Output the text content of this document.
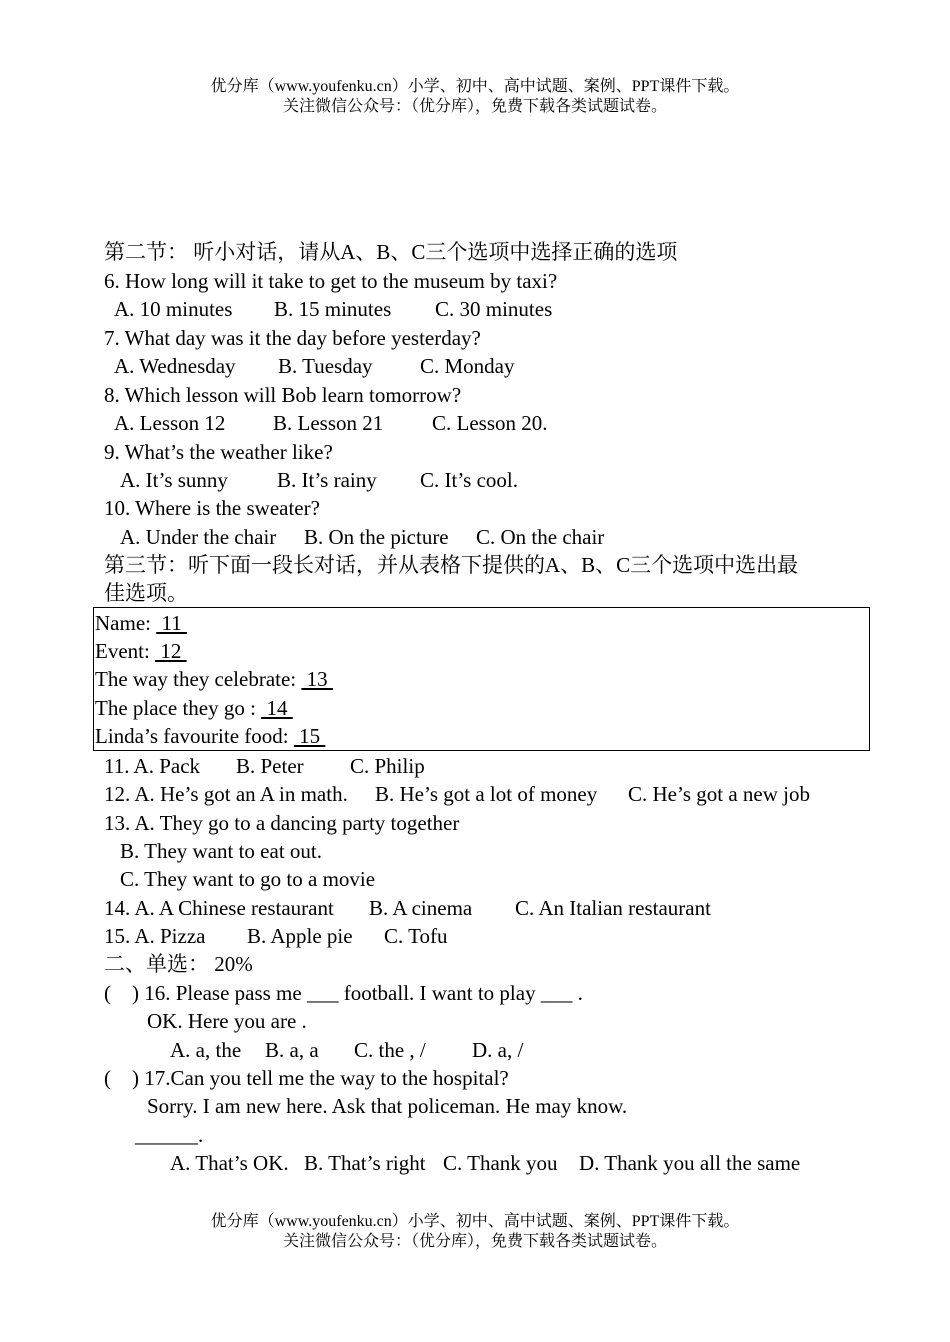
优分库（www.youfenku.cn）小学、初中、高中试题、案例、PPT课件下载。
关注微信公众号：（优分库），免费下载各类试题试卷。
第二节： 听小对话，请从A、B、C三个选项中选择正确的选项
6. How long will it take to get to the museum by taxi?
A. 10 minutes B. 15 minutes C. 30 minutes
7. What day was it the day before yesterday?
A. Wednesday B. Tuesday C. Monday
8. Which lesson will Bob learn tomorrow?
A. Lesson 12 B. Lesson 21 C. Lesson 20.
9. What’s the weather like?
A. It’s sunny B. It’s rainy C. It’s cool.
10. Where is the sweater?
A. Under the chair B. On the picture C. On the chair
第三节：听下面一段长对话，并从表格下提供的A、B、C三个选项中选出最
佳选项。
Name:  11
Event:  12
The way they celebrate:  13
The place they go :  14
Linda’s favourite food:  15
11. A. Pack B. Peter C. Philip
12. A. He’s got an A in math. B. He’s got a lot of money C. He’s got a new job
13. A. They go to a dancing party together
B. They want to eat out.
C. They want to go to a movie
14. A. A Chinese restaurant B. A cinema C. An Italian restaurant
15. A. Pizza B. Apple pie C. Tofu
二、单选： 20%
(    ) 16. Please pass me ___ football. I want to play ___ .
OK. Here you are .
A. a, the B. a, a C. the , / D. a, /
(    ) 17.Can you tell me the way to the hospital?
Sorry. I am new here. Ask that policeman. He may know.
______.
A. That’s OK. B. That’s right C. Thank you D. Thank you all the same
优分库（www.youfenku.cn）小学、初中、高中试题、案例、PPT课件下载。
关注微信公众号：（优分库），免费下载各类试题试卷。
